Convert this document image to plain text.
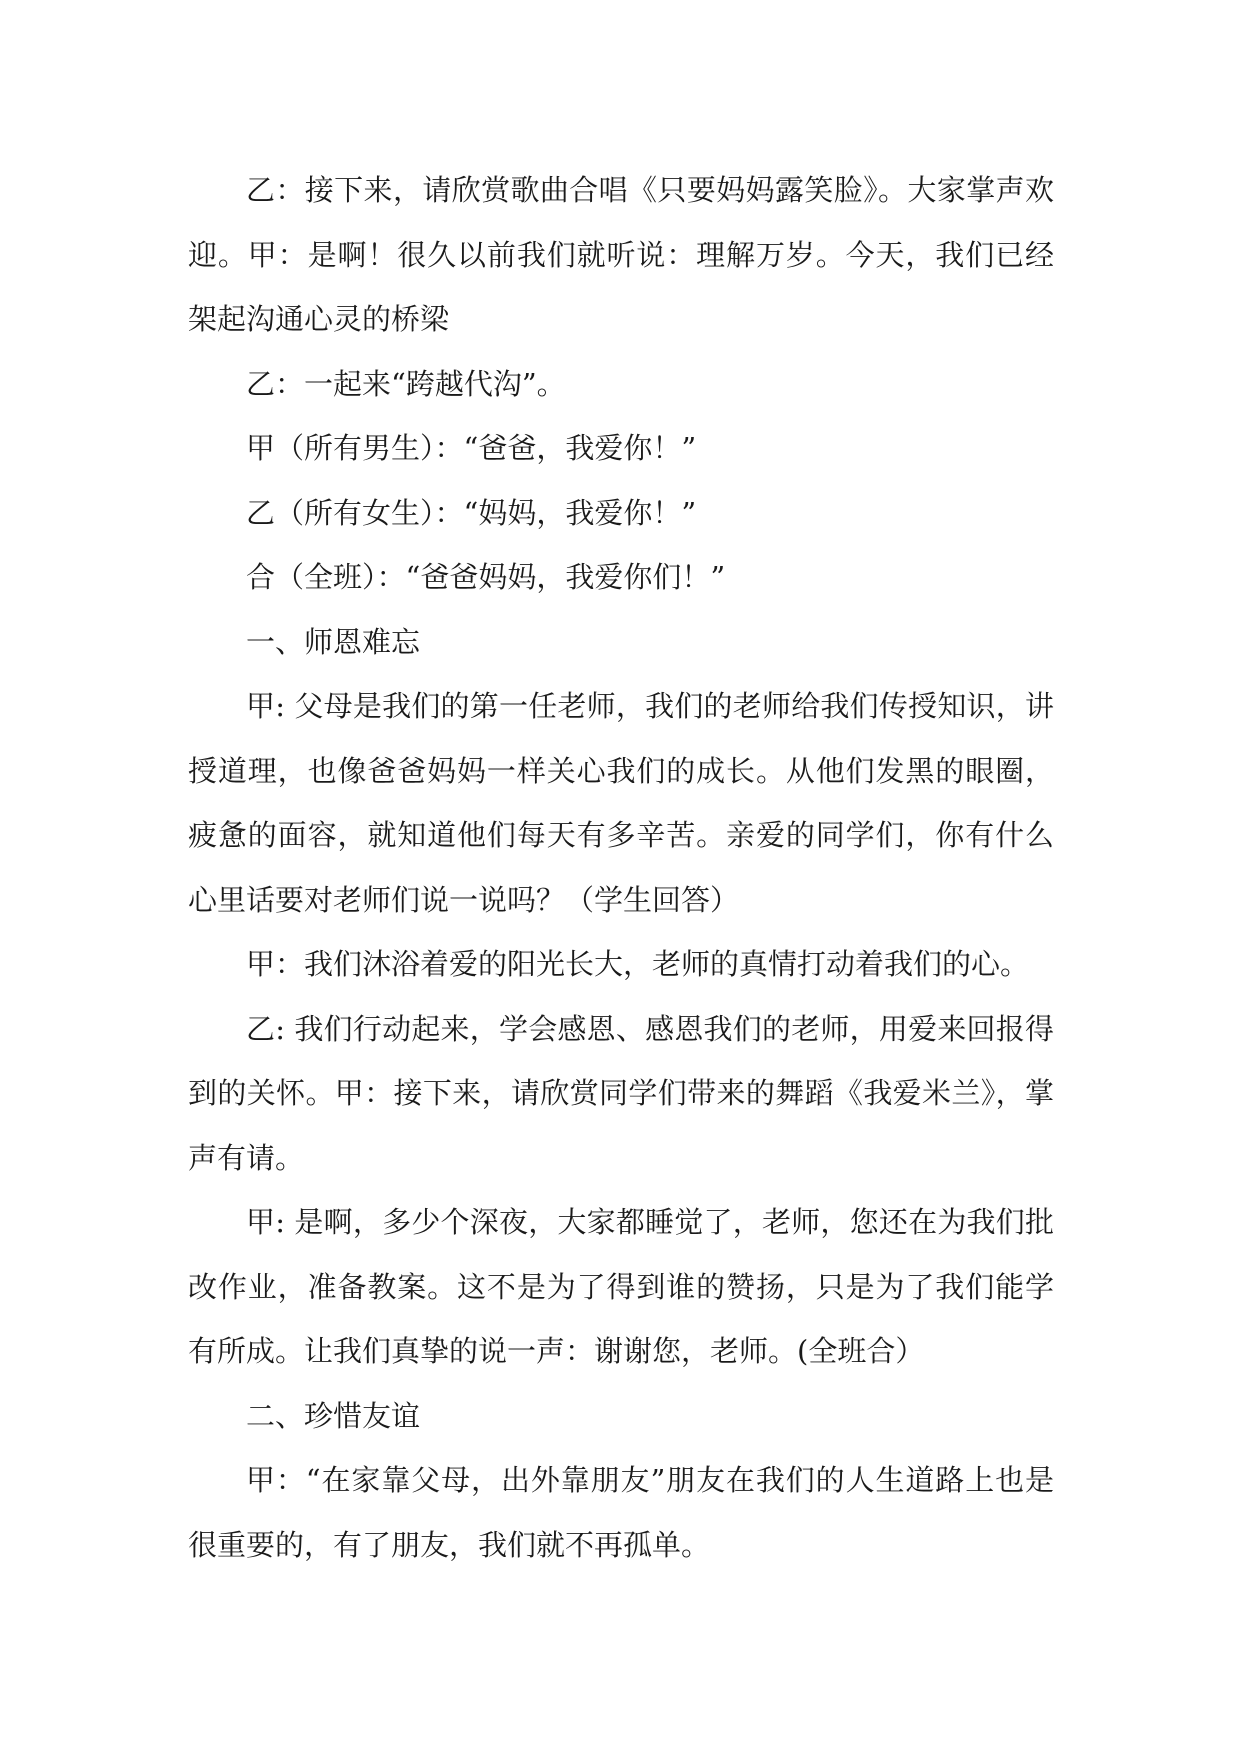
乙：接下来，请欣赏歌曲合唱《只要妈妈露笑脸》。大家掌声欢迎。甲：是啊！很久以前我们就听说：理解万岁。今天，我们已经架起沟通心灵的桥梁

乙：一起来“跨越代沟”。

甲（所有男生）：“爸爸，我爱你！”

乙（所有女生）：“妈妈，我爱你！”

合（全班）：“爸爸妈妈，我爱你们！”

一、师恩难忘

甲: 父母是我们的第一任老师，我们的老师给我们传授知识，讲授道理，也像爸爸妈妈一样关心我们的成长。从他们发黑的眼圈，疲惫的面容，就知道他们每天有多辛苦。亲爱的同学们，你有什么心里话要对老师们说一说吗？（学生回答）

甲：我们沐浴着爱的阳光长大，老师的真情打动着我们的心。

乙: 我们行动起来，学会感恩、感恩我们的老师，用爱来回报得到的关怀。甲：接下来，请欣赏同学们带来的舞蹈《我爱米兰》，掌声有请。

甲: 是啊，多少个深夜，大家都睡觉了，老师，您还在为我们批改作业，准备教案。这不是为了得到谁的赞扬，只是为了我们能学有所成。让我们真挚的说一声：谢谢您，老师。(全班合）

二、珍惜友谊

甲：“在家靠父母，出外靠朋友”朋友在我们的人生道路上也是很重要的，有了朋友，我们就不再孤单。
